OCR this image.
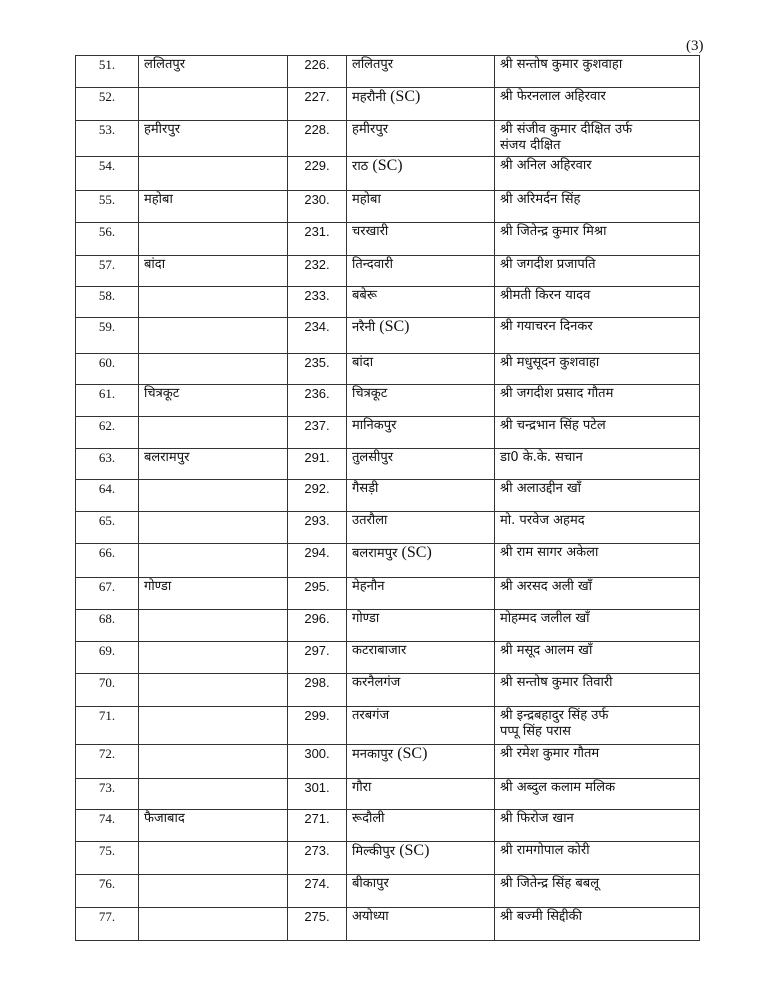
(3)
51.	ललितपुर	226.	ललितपुर	श्री सन्तोष कुमार कुशवाहा

52.		227.	महरौनी (SC)	श्री फेरनलाल अहिरवार

53.	हमीरपुर	228.	हमीरपुर	श्री संजीव कुमार दीक्षित उर्फ
संजय दीक्षित

54.		229.	राठ (SC)	श्री अनिल अहिरवार

55.	महोबा	230.	महोबा	श्री अरिमर्दन सिंह

56.		231.	चरखारी	श्री जितेन्द्र कुमार मिश्रा

57.	बांदा	232.	तिन्दवारी	श्री जगदीश प्रजापति

58.		233.	बबेरू	श्रीमती किरन यादव

59.		234.	नरैनी (SC)	श्री गयाचरन दिनकर

60.		235.	बांदा	श्री मधुसूदन कुशवाहा

61.	चित्रकूट	236.	चित्रकूट	श्री जगदीश प्रसाद गौतम

62.		237.	मानिकपुर	श्री चन्द्रभान सिंह पटेल

63.	बलरामपुर	291.	तुलसीपुर	डा0 के.के. सचान

64.		292.	गैसड़ी	श्री अलाउद्दीन खाँ

65.		293.	उतरौला	मो. परवेज अहमद

66.		294.	बलरामपुर (SC)	श्री राम सागर अकेला

67.	गोण्डा	295.	मेहनौन	श्री अरसद अली खाँ

68.		296.	गोण्डा	मोहम्मद जलील खाँ

69.		297.	कटराबाजार	श्री मसूद आलम खाँ

70.		298.	करनैलगंज	श्री सन्तोष कुमार तिवारी

71.		299.	तरबगंज	श्री इन्द्रबहादुर सिंह उर्फ
पप्पू सिंह परास

72.		300.	मनकापुर (SC)	श्री रमेश कुमार गौतम

73.		301.	गौरा	श्री अब्दुल कलाम मलिक

74.	फैजाबाद	271.	रूदौली	श्री फिरोज खान

75.		273.	मिल्कीपुर (SC)	श्री रामगोपाल कोरी

76.		274.	बीकापुर	श्री जितेन्द्र सिंह बबलू

77.		275.	अयोध्या	श्री बज्मी सिद्दीकी
